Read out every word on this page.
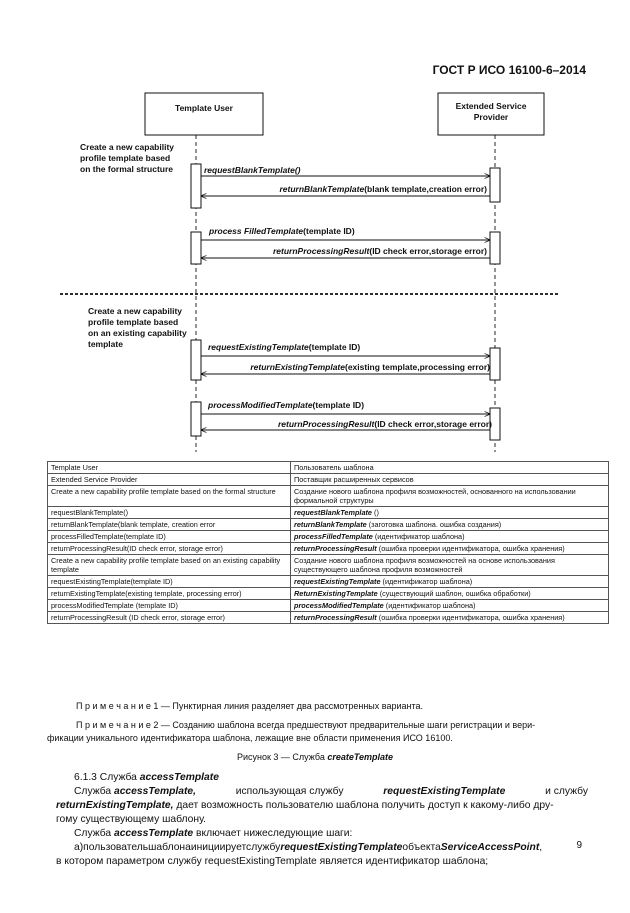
ГОСТ Р ИСО 16100-6–2014
Template User	Extended Service
Provider
Create a new capability
profile template based
on the formal structure
Create a new capability
profile template based
on an existing capability
template
requestBlankTemplate()
returnBlankTemplate(blank template,creation error)
process FilledTemplate(template ID)
returnProcessingResult(ID check error,storage error)
requestExistingTemplate(template ID)
returnExistingTemplate(existing template,processing error)
processModifiedTemplate(template ID)
returnProcessingResult(ID check error,storage error)
Template User	Пользователь шаблона
Extended Service Provider	Поставщик расширенных сервисов
Create a new capability profile template based on the formal structure	Создание нового шаблона профиля возможностей, основанного на использовании формальной структуры
requestBlankTemplate()	requestBlankTemplate ()
returnBlankTemplate(blank template, creation error	returnBlankTemplate (заготовка шаблона. ошибка создания)
processFilledTemplate(template ID)	processFilledTemplate (идентификатор шаблона)
returnProcessingResult(ID check error, storage error)	returnProcessingResult (ошибка проверки идентификатора, ошибка хранения)
Create a new capability profile template based on an existing capability template	Создание нового шаблона профиля возможностей на основе использования существующего шаблона профиля возможностей
requestExistingTemplate(template ID)	requestExistingTemplate (идентификатор шаблона)
returnExistingTemplate(existing template, processing error)	ReturnExistingTemplate (существующий шаблон, ошибка обработки)
processModifiedTemplate (template ID)	processModifiedTemplate (идентификатор шаблона)
returnProcessingResult (ID check error, storage error)	returnProcessingResult (ошибка проверки идентификатора, ошибка хранения)
П р и м е ч а н и е 1 — Пунктирная линия разделяет два рассмотренных варианта.
П р и м е ч а н и е 2 — Созданию шаблона всегда предшествуют предварительные шаги регистрации и вери-
фикации уникального идентификатора шаблона, лежащие вне области применения ИСО 16100.
Рисунок 3 — Служба createTemplate
6.1.3 Служба accessTemplate
Служба accessTemplate,	использующая службу	requestExistingTemplate	и службу
returnExistingTemplate, дает возможность пользователю шаблона получить доступ к какому-либо дру-
гому существующему шаблону.
Служба accessTemplate включает нижеследующие шаги:
а)пользовательшаблонаинициируетслужбуrequestExistingTemplateобъектаServiceAccessPoint,
в котором параметром службу requestExistingTemplate является идентификатор шаблона;
9
